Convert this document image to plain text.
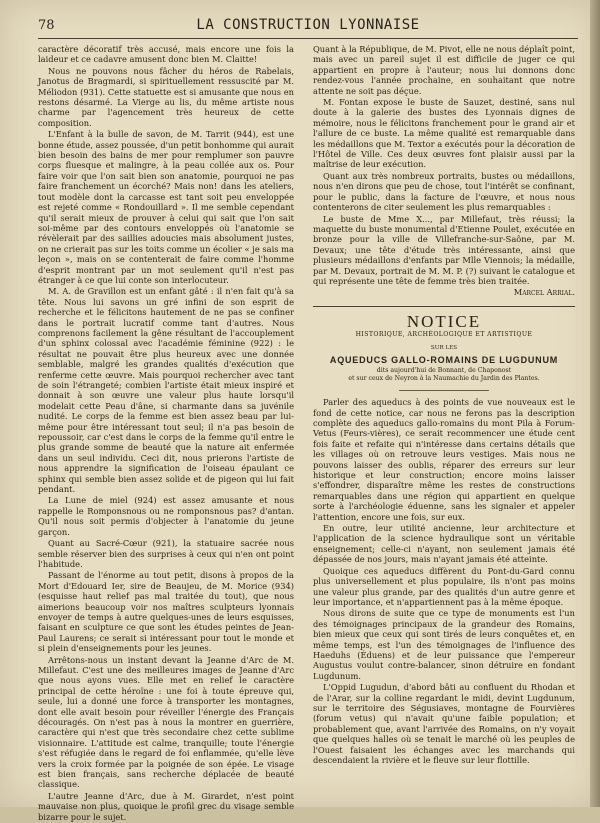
78	LA CONSTRUCTION LYONNAISE

caractère décoratif très accusé, mais encore une fois la laideur et ce cadavre amusent donc bien M. Claitte!

Nous ne pouvons nous fâcher du héros de Rabelais, Janotus de Bragmardi, si spirituellement ressuscité par M. Méliodon (931). Cette statuette est si amusante que nous en restons désarmé. La Vierge au lis, du même artiste nous charme par l'agencement très heureux de cette composition.

L'Enfant à la bulle de savon, de M. Tarrit (944), est une bonne étude, assez poussée, d'un petit bonhomme qui aurait bien besoin des bains de mer pour remplumer son pauvre corps fluesque et malingre, à la peau collée aux os. Pour faire voir que l'on sait bien son anatomie, pourquoi ne pas faire franchement un écorché? Mais non! dans les ateliers, tout modèle dont la carcasse est tant soit peu enveloppée est rejeté comme « Rondouillard ». Il me semble cependant qu'il serait mieux de prouver à celui qui sait que l'on sait soi-même par des contours enveloppés où l'anatomie se révèlerait par des saillies adoucies mais absolument justes, on ne crierait pas sur les toits comme un écolier « je sais ma leçon », mais on se contenterait de faire comme l'homme d'esprit montrant par un mot seulement qu'il n'est pas étranger à ce que lui conte son interlocuteur.

M. A. de Gravillon est un enfant gâté : il n'en fait qu'à sa tête. Nous lui savons un gré infini de son esprit de recherche et le félicitons hautement de ne pas se confiner dans le portrait lucratif comme tant d'autres. Nous comprenons facilement la gêne résultant de l'accouplement d'un sphinx colossal avec l'académie féminine (922) : le résultat ne pouvait être plus heureux avec une donnée semblable, malgré les grandes qualités d'exécution que renferme cette œuvre. Mais pourquoi rechercher avec tant de soin l'étrangeté; combien l'artiste était mieux inspiré et donnait à son œuvre une valeur plus haute lorsqu'il modelait cette Peau d'âne, si charmante dans sa juvénile nudité. Le corps de la femme est bien assez beau par lui-même pour être intéressant tout seul; il n'a pas besoin de repoussoir, car c'est dans le corps de la femme qu'il entre le plus grande somme de beauté que la nature ait enfermée dans un seul individu. Ceci dit, nous prierons l'artiste de nous apprendre la signification de l'oiseau épaulant ce sphinx qui semble bien assez solide et de pigeon qui lui fait pendant.

La Lune de miel (924) est assez amusante et nous rappelle le Romponsnous ou ne romponsnous pas? d'antan. Qu'il nous soit permis d'objecter à l'anatomie du jeune garçon.

Quant au Sacré-Cœur (921), la statuaire sacrée nous semble réserver bien des surprises à ceux qui n'en ont point l'habitude.

Passant de l'énorme au tout petit, disons à propos de la Mort d'Edouard Ier, sire de Beaujeu, de M. Morice (934) (esquisse haut relief pas mal traitée du tout), que nous aimerions beaucoup voir nos maîtres sculpteurs lyonnais envoyer de temps à autre quelques-unes de leurs esquisses, faisant en sculpture ce que sont les études peintes de Jean-Paul Laurens; ce serait si intéressant pour tout le monde et si plein d'enseignements pour les jeunes.

Arrêtons-nous un instant devant la Jeanne d'Arc de M. Millefaut. C'est une des meilleures images de Jeanne d'Arc que nous ayons vues. Elle met en relief le caractère principal de cette héroïne : une foi à toute épreuve qui, seule, lui a donné une force à transporter les montagnes, dont elle avait besoin pour réveiller l'énergie des Français découragés. On n'est pas à nous la montrer en guerrière, caractère qui n'est que très secondaire chez cette sublime visionnaire. L'attitude est calme, tranquille; toute l'énergie s'est réfugiée dans le regard de foi enflammée, qu'elle lève vers la croix formée par la poignée de son épée. Le visage est bien français, sans recherche déplacée de beauté classique.

L'autre Jeanne d'Arc, due à M. Girardet, n'est point mauvaise non plus, quoique le profil grec du visage semble bizarre pour le sujet.

Quant à la République, de M. Pivot, elle ne nous déplaît point, mais avec un pareil sujet il est difficile de juger ce qui appartient en propre à l'auteur; nous lui donnons donc rendez-vous l'année prochaine, en souhaitant que notre attente ne soit pas déçue.

M. Fontan expose le buste de Sauzet, destiné, sans nul doute à la galerie des bustes des Lyonnais dignes de mémoire, nous le félicitons franchement pour le grand air et l'allure de ce buste. La même qualité est remarquable dans les médaillons que M. Textor a exécutés pour la décoration de l'Hôtel de Ville. Ces deux œuvres font plaisir aussi par la maîtrise de leur exécution.

Quant aux très nombreux portraits, bustes ou médaillons, nous n'en dirons que peu de chose, tout l'intérêt se confinant, pour le public, dans la facture de l'œuvre, et nous nous contenterons de citer seulement les plus remarquables :

Le buste de Mme X..., par Millefaut, très réussi; la maquette du buste monumental d'Etienne Poulet, exécutée en bronze pour la ville de Villefranche-sur-Saône, par M. Devaux; une tête d'étude très intéressante, ainsi que plusieurs médaillons d'enfants par Mlle Viennois; la médaille, par M. Devaux, portrait de M. M. P. (?) suivant le catalogue et qui représente une tête de femme très bien traitée.

Marcel Arrial.
NOTICE
HISTORIQUE, ARCHÉOLOGIQUE ET ARTISTIQUE
SUR LES
AQUEDUCS GALLO-ROMAINS DE LUGDUNUM
dits aujourd'hui de Bonnant, de Chaponost
et sur ceux de Neyron à la Naumachie du Jardin des Plantes.

Parler des aqueducs à des points de vue nouveaux est le fond de cette notice, car nous ne ferons pas la description complète des aqueducs gallo-romains du mont Pila à Forum-Vetus (Feurs-vières), ce serait recommencer une étude cent fois faite et refaite qui n'intéresse dans certains détails que les villages où on retrouve leurs vestiges. Mais nous ne pouvons laisser des oublis, réparer des erreurs sur leur historique et leur construction; encore moins laisser s'effondrer, disparaître même les restes de constructions remarquables dans une région qui appartient en quelque sorte à l'archéologie éduenne, sans les signaler et appeler l'attention, encore une fois, sur eux.

En outre, leur utilité ancienne, leur architecture et l'application de la science hydraulique sont un véritable enseignement; celle-ci n'ayant, non seulement jamais été dépassée de nos jours, mais n'ayant jamais été atteinte.

Quoique ces aqueducs diffèrent du Pont-du-Gard connu plus universellement et plus populaire, ils n'ont pas moins une valeur plus grande, par des qualités d'un autre genre et leur importance, et n'appartiennent pas à la même époque.

Nous dirons de suite que ce type de monuments est l'un des témoignages principaux de la grandeur des Romains, bien mieux que ceux qui sont tirés de leurs conquêtes et, en même temps, est l'un des témoignages de l'influence des Haeduhs (Éduens) et de leur puissance que l'empereur Augustus voulut contre-balancer, sinon détruire en fondant Lugdunum.

L'Oppid Lugudun, d'abord bâti au confluent du Rhodan et de l'Arar, sur la colline regardant le midi, devint Lugdunum, sur le territoire des Ségusiaves, montagne de Fourvières (forum vetus) qui n'avait qu'une faible population; et probablement que, avant l'arrivée des Romains, on n'y voyait que quelques halles où se tenait le marché où les peuples de l'Ouest faisaient les échanges avec les marchands qui descendaient la rivière et le fleuve sur leur flottille.
